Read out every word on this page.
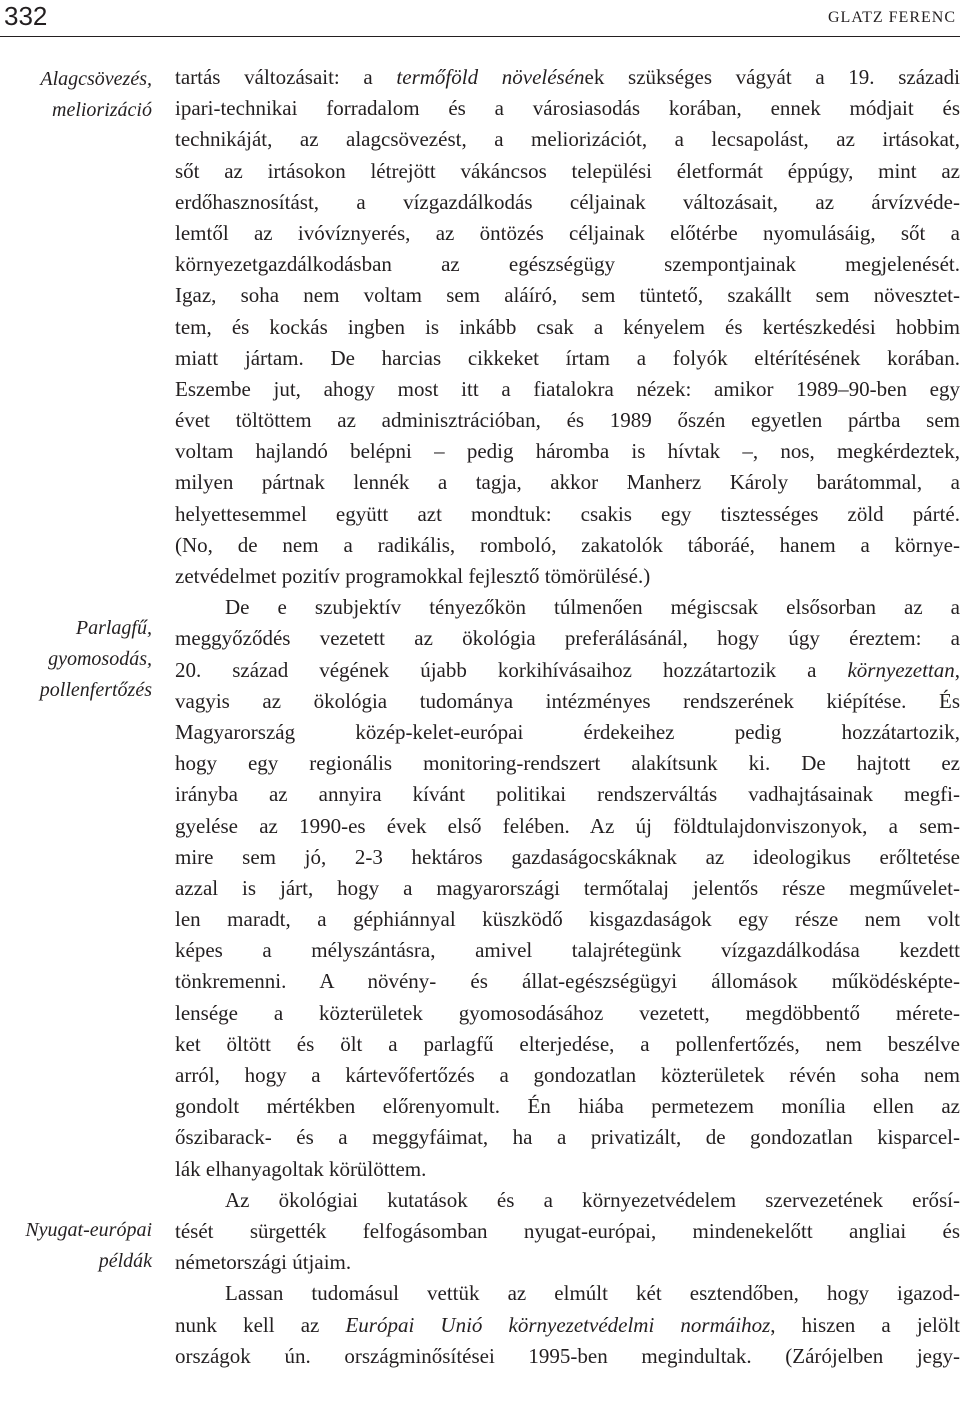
332	GLATZ FERENC
Alagcsövezés,
meliorizáció
Parlagfű,
gyomosodás,
pollenfertőzés
Nyugat-európai
példák
tartás változásait: a termőföld növelésének szükséges vágyát a 19. századi
ipari-technikai forradalom és a városiasodás korában, ennek módjait és
technikáját, az alagcsövezést, a meliorizációt, a lecsapolást, az irtásokat,
sőt az irtásokon létrejött vákáncsos települési életformát éppúgy, mint az
erdőhasznosítást, a vízgazdálkodás céljainak változásait, az árvízvéde-
lemtől az ivóvíznyerés, az öntözés céljainak előtérbe nyomulásáig, sőt a
környezetgazdálkodásban az egészségügy szempontjainak megjelenését.
Igaz, soha nem voltam sem aláíró, sem tüntető, szakállt sem növesztet-
tem, és kockás ingben is inkább csak a kényelem és kertészkedési hobbim
miatt jártam. De harcias cikkeket írtam a folyók eltérítésének korában.
Eszembe jut, ahogy most itt a fiatalokra nézek: amikor 1989–90-ben egy
évet töltöttem az adminisztrációban, és 1989 őszén egyetlen pártba sem
voltam hajlandó belépni – pedig háromba is hívtak –, nos, megkérdeztek,
milyen pártnak lennék a tagja, akkor Manherz Károly barátommal, a
helyettesemmel együtt azt mondtuk: csakis egy tisztességes zöld párté.
(No, de nem a radikális, romboló, zakatolók táboráé, hanem a környe-
zetvédelmet pozitív programokkal fejlesztő tömörülésé.)
De e szubjektív tényezőkön túlmenően mégiscsak elsősorban az a
meggyőződés vezetett az ökológia preferálásánál, hogy úgy éreztem: a
20. század végének újabb korkihívásaihoz hozzátartozik a környezettan,
vagyis az ökológia tudománya intézményes rendszerének kiépítése. És
Magyarország közép-kelet-európai érdekeihez pedig hozzátartozik,
hogy egy regionális monitoring-rendszert alakítsunk ki. De hajtott ez
irányba az annyira kívánt politikai rendszerváltás vadhajtásainak megfi-
gyelése az 1990-es évek első felében. Az új földtulajdonviszonyok, a sem-
mire sem jó, 2-3 hektáros gazdaságocskáknak az ideologikus erőltetése
azzal is járt, hogy a magyarországi termőtalaj jelentős része megművelet-
len maradt, a géphiánnyal küszködő kisgazdaságok egy része nem volt
képes a mélyszántásra, amivel talajrétegünk vízgazdálkodása kezdett
tönkremenni. A növény- és állat-egészségügyi állomások működésképte-
lensége a közterületek gyomosodásához vezetett, megdöbbentő mérete-
ket öltött és ölt a parlagfű elterjedése, a pollenfertőzés, nem beszélve
arról, hogy a kártevőfertőzés a gondozatlan közterületek révén soha nem
gondolt mértékben előrenyomult. Én hiába permetezem monília ellen az
őszibarack- és a meggyfáimat, ha a privatizált, de gondozatlan kisparcel-
lák elhanyagoltak körülöttem.
Az ökológiai kutatások és a környezetvédelem szervezetének erősí-
tését sürgették felfogásomban nyugat-európai, mindenekelőtt angliai és
németországi útjaim.
Lassan tudomásul vettük az elmúlt két esztendőben, hogy igazod-
nunk kell az Európai Unió környezetvédelmi normáihoz, hiszen a jelölt
országok ún. országminősítései 1995-ben megindultak. (Zárójelben jegy-
